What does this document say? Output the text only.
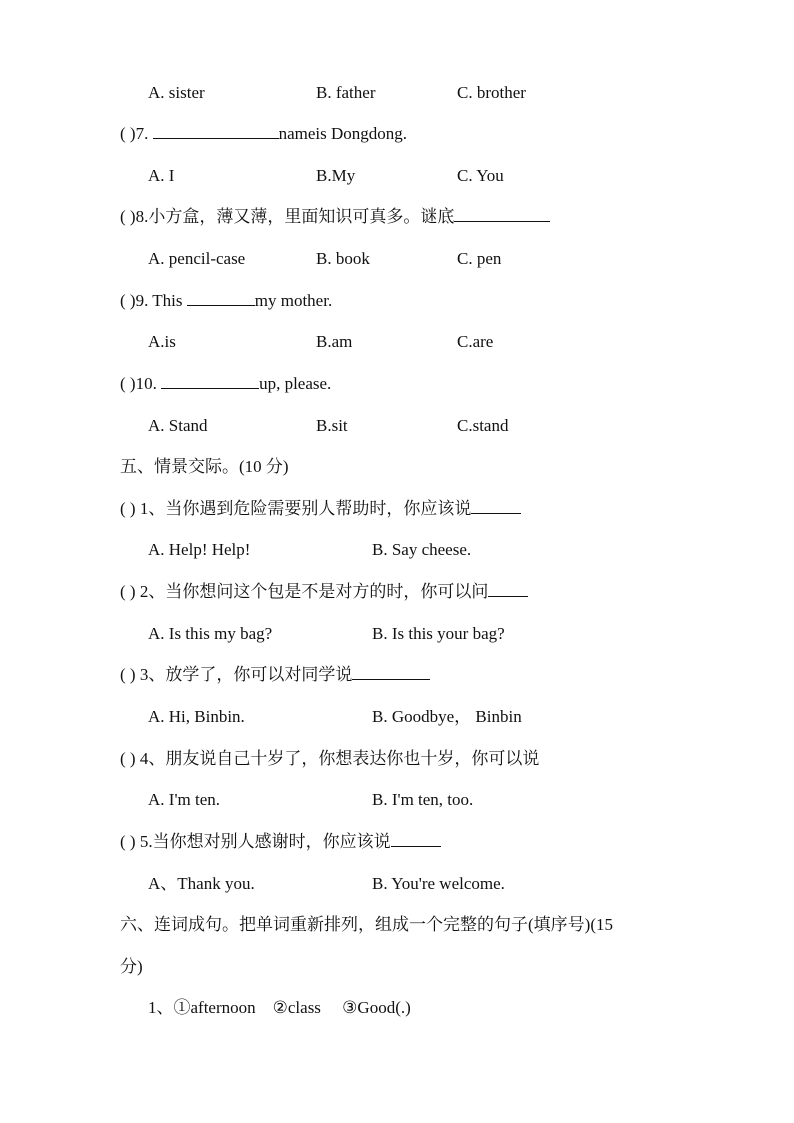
A. sister	B. father	C. brother
( )7.	nameis Dongdong.
A. I	B.My	C. You
( )8.小方盒，薄又薄，里面知识可真多。谜底
A. pencil-case	B. book	C. pen
( )9. This	my mother.
A.is	B.am	C.are
( )10.	up, please.
A. Stand	B.sit	C.stand
五、情景交际。(10 分)
( ) 1、当你遇到危险需要别人帮助时，你应该说
A. Help! Help!	B. Say cheese.
( ) 2、当你想问这个包是不是对方的时，你可以问
A. Is this my bag?	B. Is this your bag?
( ) 3、放学了，你可以对同学说
A. Hi, Binbin.	B. Goodbye， Binbin
( ) 4、朋友说自己十岁了，你想表达你也十岁，你可以说
A. I'm ten.	B. I'm ten, too.
( ) 5.当你想对别人感谢时，你应该说
A、Thank you.	B. You're welcome.
六、连词成句。把单词重新排列，组成一个完整的句子(填序号)(15
分)
1、①afternoon    ②class     ③Good(.)
